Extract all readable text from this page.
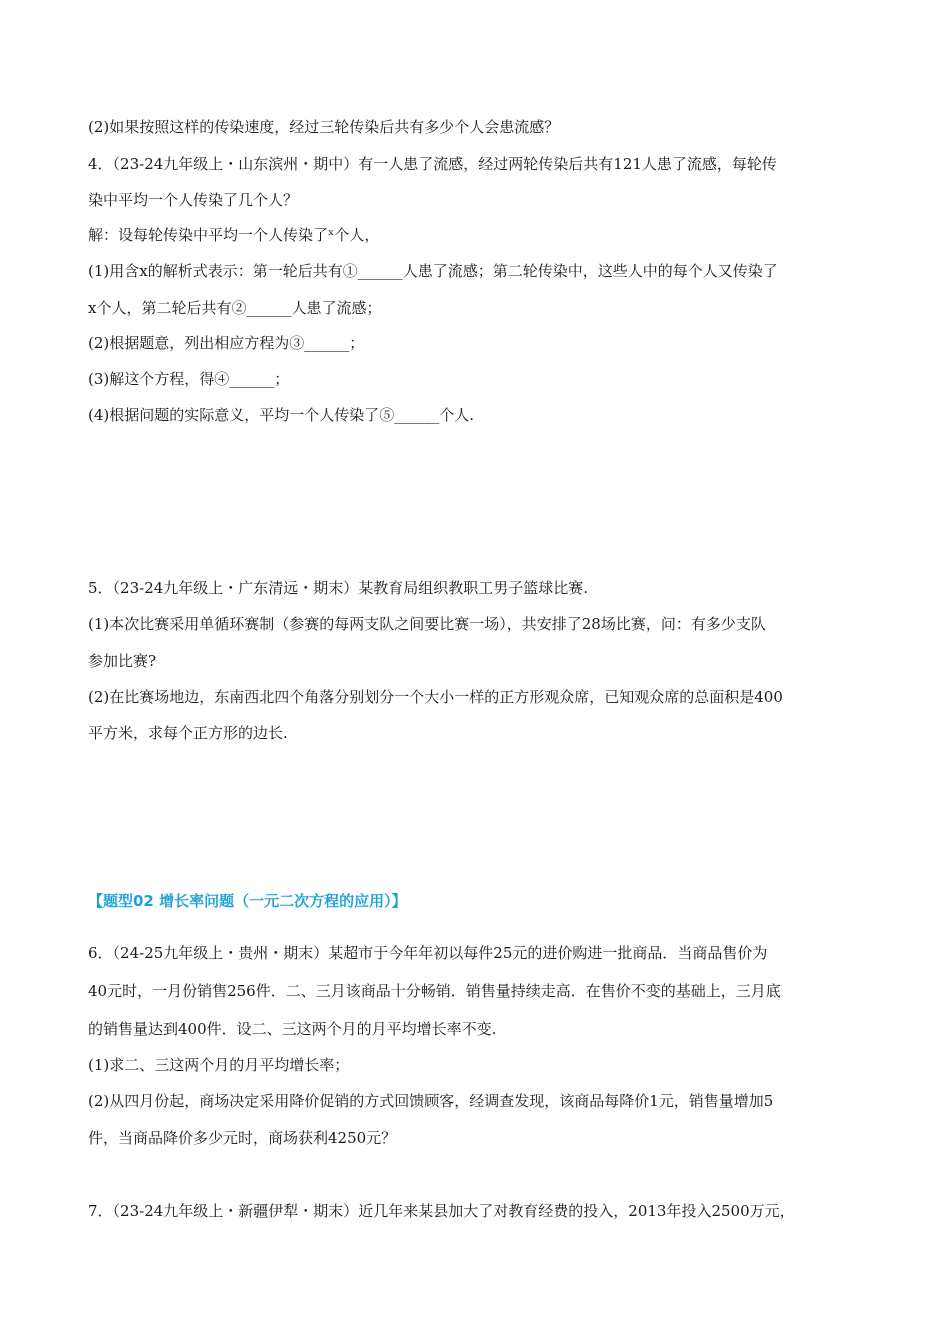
(2)如果按照这样的传染速度，经过三轮传染后共有多少个人会患流感？
4．（23-24九年级上・山东滨州・期中）有一人患了流感，经过两轮传染后共有121人患了流感，每轮传
染中平均一个人传染了几个人？
解：设每轮传染中平均一个人传染了ˣ个人，
(1)用含x的解析式表示：第一轮后共有①______人患了流感；第二轮传染中，这些人中的每个人又传染了
x个人，第二轮后共有②______人患了流感；
(2)根据题意，列出相应方程为③______；
(3)解这个方程，得④______；
(4)根据问题的实际意义，平均一个人传染了⑤______个人.
5．（23-24九年级上・广东清远・期末）某教育局组织教职工男子篮球比赛.
(1)本次比赛采用单循环赛制（参赛的每两支队之间要比赛一场），共安排了28场比赛，问：有多少支队
参加比赛?
(2)在比赛场地边，东南西北四个角落分别划分一个大小一样的正方形观众席，已知观众席的总面积是400
平方米，求每个正方形的边长.
【题型02 增长率问题（一元二次方程的应用）】
6．（24-25九年级上・贵州・期末）某超市于今年年初以每件25元的进价购进一批商品．当商品售价为
40元时，一月份销售256件．二、三月该商品十分畅销．销售量持续走高．在售价不变的基础上，三月底
的销售量达到400件．设二、三这两个月的月平均增长率不变.
(1)求二、三这两个月的月平均增长率；
(2)从四月份起，商场决定采用降价促销的方式回馈顾客，经调查发现，该商品每降价1元，销售量增加5
件，当商品降价多少元时，商场获利4250元？
7．（23-24九年级上・新疆伊犁・期末）近几年来某县加大了对教育经费的投入，2013年投入2500万元，
